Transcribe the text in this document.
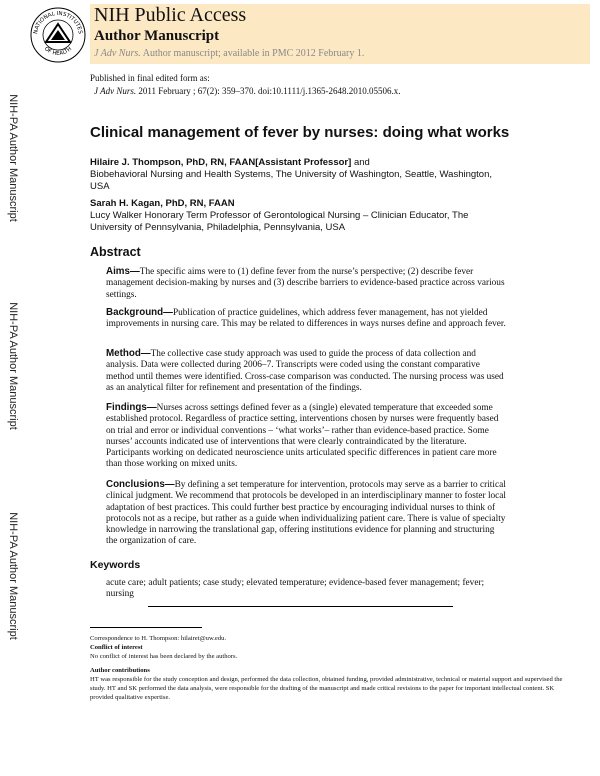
NATIONAL INSTITUTES
OF HEALTH
NIH Public Access
Author Manuscript
J Adv Nurs. Author manuscript; available in PMC 2012 February 1.
Published in final edited form as:
J Adv Nurs. 2011 February ; 67(2): 359–370. doi:10.1111/j.1365-2648.2010.05506.x.
NIH-PA Author Manuscript
NIH-PA Author Manuscript
NIH-PA Author Manuscript
Clinical management of fever by nurses: doing what works
Hilaire J. Thompson, PhD, RN, FAAN[Assistant Professor] and
Biobehavioral Nursing and Health Systems, The University of Washington, Seattle, Washington, USA
Sarah H. Kagan, PhD, RN, FAAN
Lucy Walker Honorary Term Professor of Gerontological Nursing – Clinician Educator, The University of Pennsylvania, Philadelphia, Pennsylvania, USA
Abstract
Aims—The specific aims were to (1) define fever from the nurse’s perspective; (2) describe fever management decision-making by nurses and (3) describe barriers to evidence-based practice across various settings.
Background—Publication of practice guidelines, which address fever management, has not yielded improvements in nursing care. This may be related to differences in ways nurses define and approach fever.
Method—The collective case study approach was used to guide the process of data collection and analysis. Data were collected during 2006–7. Transcripts were coded using the constant comparative method until themes were identified. Cross-case comparison was conducted. The nursing process was used as an analytical filter for refinement and presentation of the findings.
Findings—Nurses across settings defined fever as a (single) elevated temperature that exceeded some established protocol. Regardless of practice setting, interventions chosen by nurses were frequently based on trial and error or individual conventions – ‘what works’– rather than evidence-based practice. Some nurses’ accounts indicated use of interventions that were clearly contraindicated by the literature. Participants working on dedicated neuroscience units articulated specific differences in patient care more than those working on mixed units.
Conclusions—By defining a set temperature for intervention, protocols may serve as a barrier to critical clinical judgment. We recommend that protocols be developed in an interdisciplinary manner to foster local adaptation of best practices. This could further best practice by encouraging individual nurses to think of protocols not as a recipe, but rather as a guide when individualizing patient care. There is value of specialty knowledge in narrowing the translational gap, offering institutions evidence for planning and structuring the organization of care.
Keywords
acute care; adult patients; case study; elevated temperature; evidence-based fever management; fever; nursing
Correspondence to H. Thompson: hilairet@uw.edu.
Conflict of interest
No conflict of interest has been declared by the authors.
Author contributions
HT was responsible for the study conception and design, performed the data collection, obtained funding, provided administrative, technical or material support and supervised the study. HT and SK performed the data analysis, were responsible for the drafting of the manuscript and made critical revisions to the paper for important intellectual content. SK provided qualitative expertise.
